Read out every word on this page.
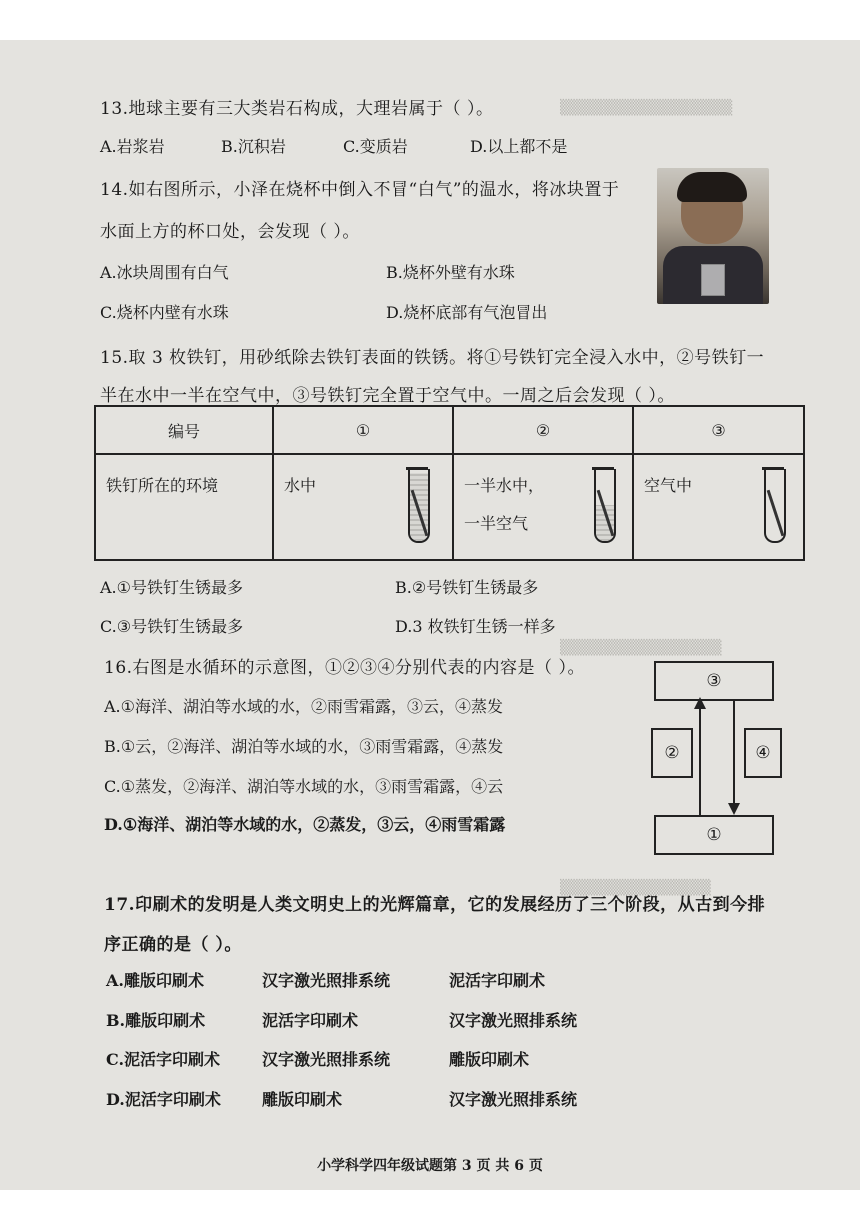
▒▒▒▒▒▒▒▒▒▒▒▒▒▒▒▒
▒▒▒▒▒▒▒▒▒▒▒▒▒▒▒
▒▒▒▒▒▒▒▒▒▒▒▒▒▒
13.地球主要有三大类岩石构成，大理岩属于（ ）。
A.岩浆岩	B.沉积岩	C.变质岩	D.以上都不是
14.如右图所示，小泽在烧杯中倒入不冒“白气”的温水，将冰块置于
水面上方的杯口处，会发现（ ）。
A.冰块周围有白气	B.烧杯外壁有水珠
C.烧杯内壁有水珠	D.烧杯底部有气泡冒出
15.取 3 枚铁钉，用砂纸除去铁钉表面的铁锈。将①号铁钉完全浸入水中，②号铁钉一
半在水中一半在空气中，③号铁钉完全置于空气中。一周之后会发现（ ）。
编号	①	②	③

铁钉所在的环境	水中	一半水中，
一半空气	空气中
A.①号铁钉生锈最多	B.②号铁钉生锈最多
C.③号铁钉生锈最多	D.3 枚铁钉生锈一样多
16.右图是水循环的示意图，①②③④分别代表的内容是（ ）。
A.①海洋、湖泊等水域的水，②雨雪霜露，③云，④蒸发
B.①云，②海洋、湖泊等水域的水，③雨雪霜露，④蒸发
C.①蒸发，②海洋、湖泊等水域的水，③雨雪霜露，④云
D.①海洋、湖泊等水域的水，②蒸发，③云，④雨雪霜露
③
②	④
①
17.印刷术的发明是人类文明史上的光辉篇章，它的发展经历了三个阶段，从古到今排
序正确的是（ ）。
A.雕版印刷术	汉字激光照排系统	泥活字印刷术
B.雕版印刷术	泥活字印刷术	汉字激光照排系统
C.泥活字印刷术	汉字激光照排系统	雕版印刷术
D.泥活字印刷术	雕版印刷术	汉字激光照排系统
小学科学四年级试题第 3 页 共 6 页
